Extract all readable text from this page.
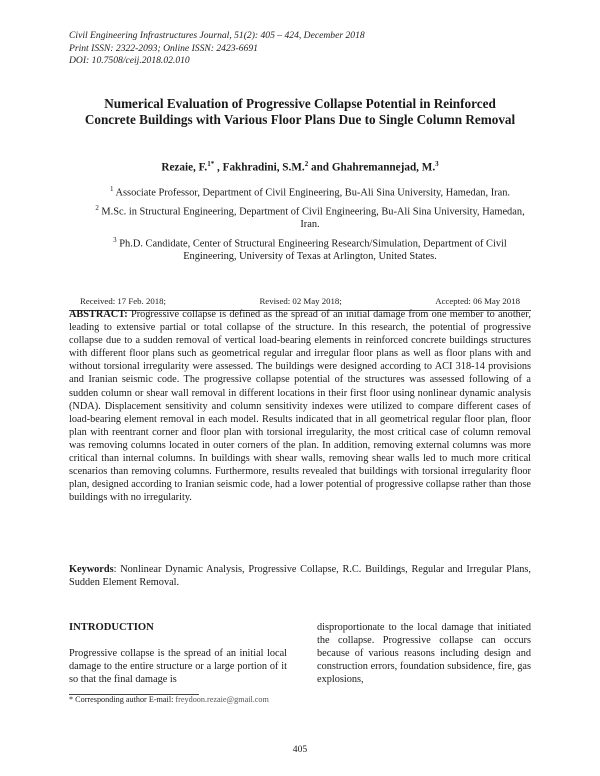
Civil Engineering Infrastructures Journal, 51(2): 405 – 424, December 2018
Print ISSN: 2322-2093; Online ISSN: 2423-6691
DOI: 10.7508/ceij.2018.02.010
Numerical Evaluation of Progressive Collapse Potential in Reinforced Concrete Buildings with Various Floor Plans Due to Single Column Removal
Rezaie, F.$^{1*}$ , Fakhradini, S.M.$^2$ and Ghahremannejad, M.$^3$

$^1$ Associate Professor, Department of Civil Engineering, Bu-Ali Sina University, Hamedan, Iran.

$^2$ M.Sc. in Structural Engineering, Department of Civil Engineering, Bu-Ali Sina University, Hamedan, Iran.

$^3$ Ph.D. Candidate, Center of Structural Engineering Research/Simulation, Department of Civil Engineering, University of Texas at Arlington, United States.

Received: 17 Feb. 2018;	Revised: 02 May 2018;	Accepted: 06 May 2018
ABSTRACT: Progressive collapse is defined as the spread of an initial damage from one member to another, leading to extensive partial or total collapse of the structure. In this research, the potential of progressive collapse due to a sudden removal of vertical load-bearing elements in reinforced concrete buildings structures with different floor plans such as geometrical regular and irregular floor plans as well as floor plans with and without torsional irregularity were assessed. The buildings were designed according to ACI 318-14 provisions and Iranian seismic code. The progressive collapse potential of the structures was assessed following of a sudden column or shear wall removal in different locations in their first floor using nonlinear dynamic analysis (NDA). Displacement sensitivity and column sensitivity indexes were utilized to compare different cases of load-bearing element removal in each model. Results indicated that in all geometrical regular floor plan, floor plan with reentrant corner and floor plan with torsional irregularity, the most critical case of column removal was removing columns located in outer corners of the plan. In addition, removing external columns was more critical than internal columns. In buildings with shear walls, removing shear walls led to much more critical scenarios than removing columns. Furthermore, results revealed that buildings with torsional irregularity floor plan, designed according to Iranian seismic code, had a lower potential of progressive collapse rather than those buildings with no irregularity.
Keywords: Nonlinear Dynamic Analysis, Progressive Collapse, R.C. Buildings, Regular and Irregular Plans, Sudden Element Removal.
INTRODUCTION

Progressive collapse is the spread of an initial local damage to the entire structure or a large portion of it so that the final damage is

disproportionate to the local damage that initiated the collapse. Progressive collapse can occurs because of various reasons including design and construction errors, foundation subsidence, fire, gas explosions,

* Corresponding author E-mail: freydoon.rezaie@gmail.com
405
